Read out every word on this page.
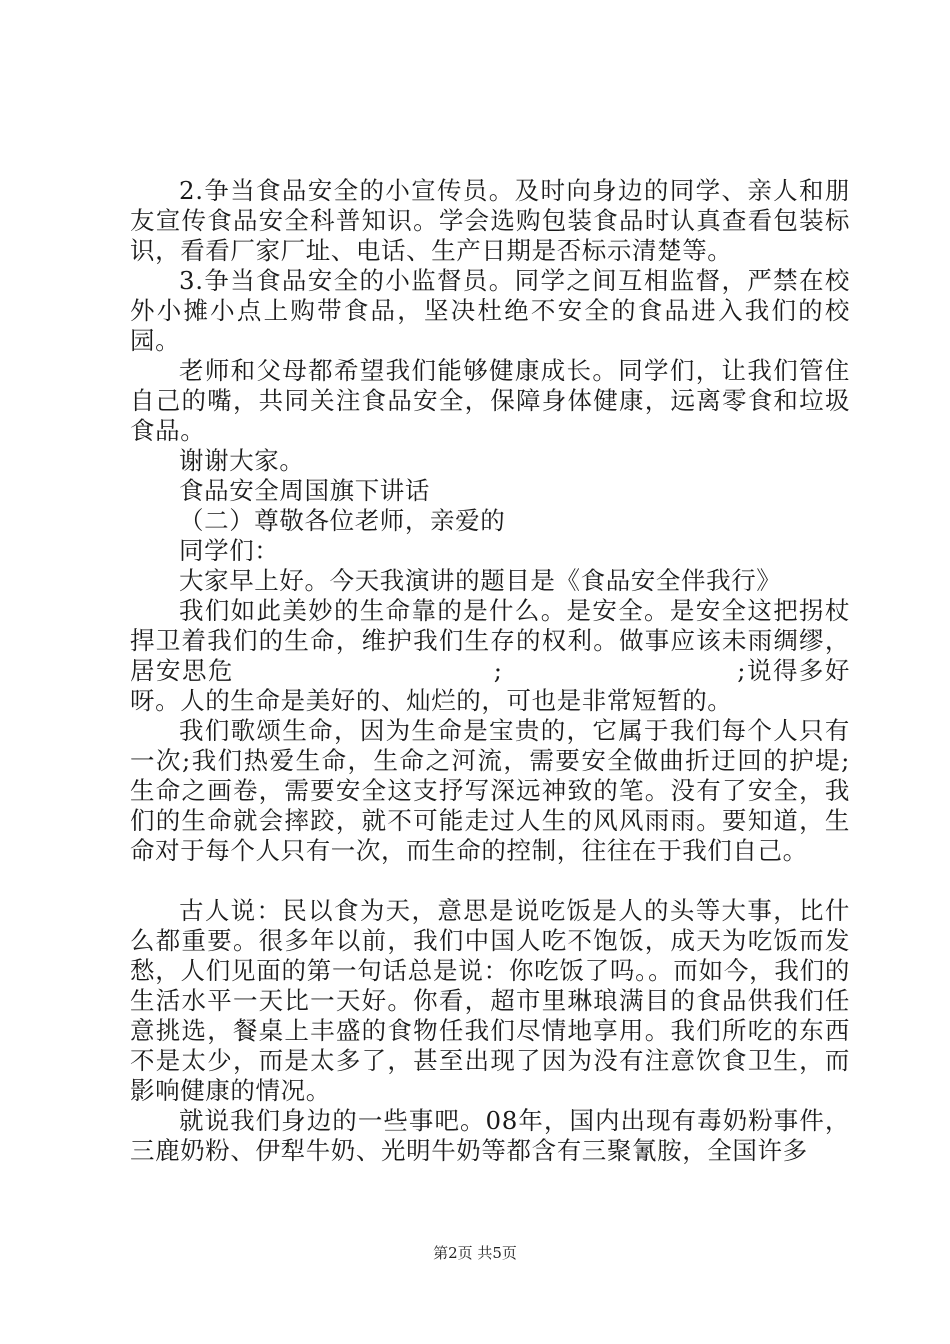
2.争当食品安全的小宣传员。及时向身边的同学、亲人和朋友宣传食品安全科普知识。学会选购包装食品时认真查看包装标识，看看厂家厂址、电话、生产日期是否标示清楚等。

3.争当食品安全的小监督员。同学之间互相监督，严禁在校外小摊小点上购带食品，坚决杜绝不安全的食品进入我们的校园。

老师和父母都希望我们能够健康成长。同学们，让我们管住自己的嘴，共同关注食品安全，保障身体健康，远离零食和垃圾食品。

谢谢大家。

食品安全周国旗下讲话

（二）尊敬各位老师，亲爱的

同学们：

大家早上好。今天我演讲的题目是《食品安全伴我行》

我们如此美妙的生命靠的是什么。是安全。是安全这把拐杖捍卫着我们的生命，维护我们生存的权利。做事应该未雨绸缪，居安思危　　　　　　　　　　;　　　　　　　　　;说得多好呀。人的生命是美好的、灿烂的，可也是非常短暂的。

我们歌颂生命，因为生命是宝贵的，它属于我们每个人只有一次;我们热爱生命，生命之河流，需要安全做曲折迂回的护堤;生命之画卷，需要安全这支抒写深远神致的笔。没有了安全，我们的生命就会摔跤，就不可能走过人生的风风雨雨。要知道，生命对于每个人只有一次，而生命的控制，往往在于我们自己。

古人说：民以食为天，意思是说吃饭是人的头等大事，比什么都重要。很多年以前，我们中国人吃不饱饭，成天为吃饭而发愁，人们见面的第一句话总是说：你吃饭了吗。。而如今，我们的生活水平一天比一天好。你看，超市里琳琅满目的食品供我们任意挑选，餐桌上丰盛的食物任我们尽情地享用。我们所吃的东西不是太少，而是太多了，甚至出现了因为没有注意饮食卫生，而影响健康的情况。

就说我们身边的一些事吧。08年，国内出现有毒奶粉事件，三鹿奶粉、伊犁牛奶、光明牛奶等都含有三聚氰胺，全国许多

第2页 共5页
